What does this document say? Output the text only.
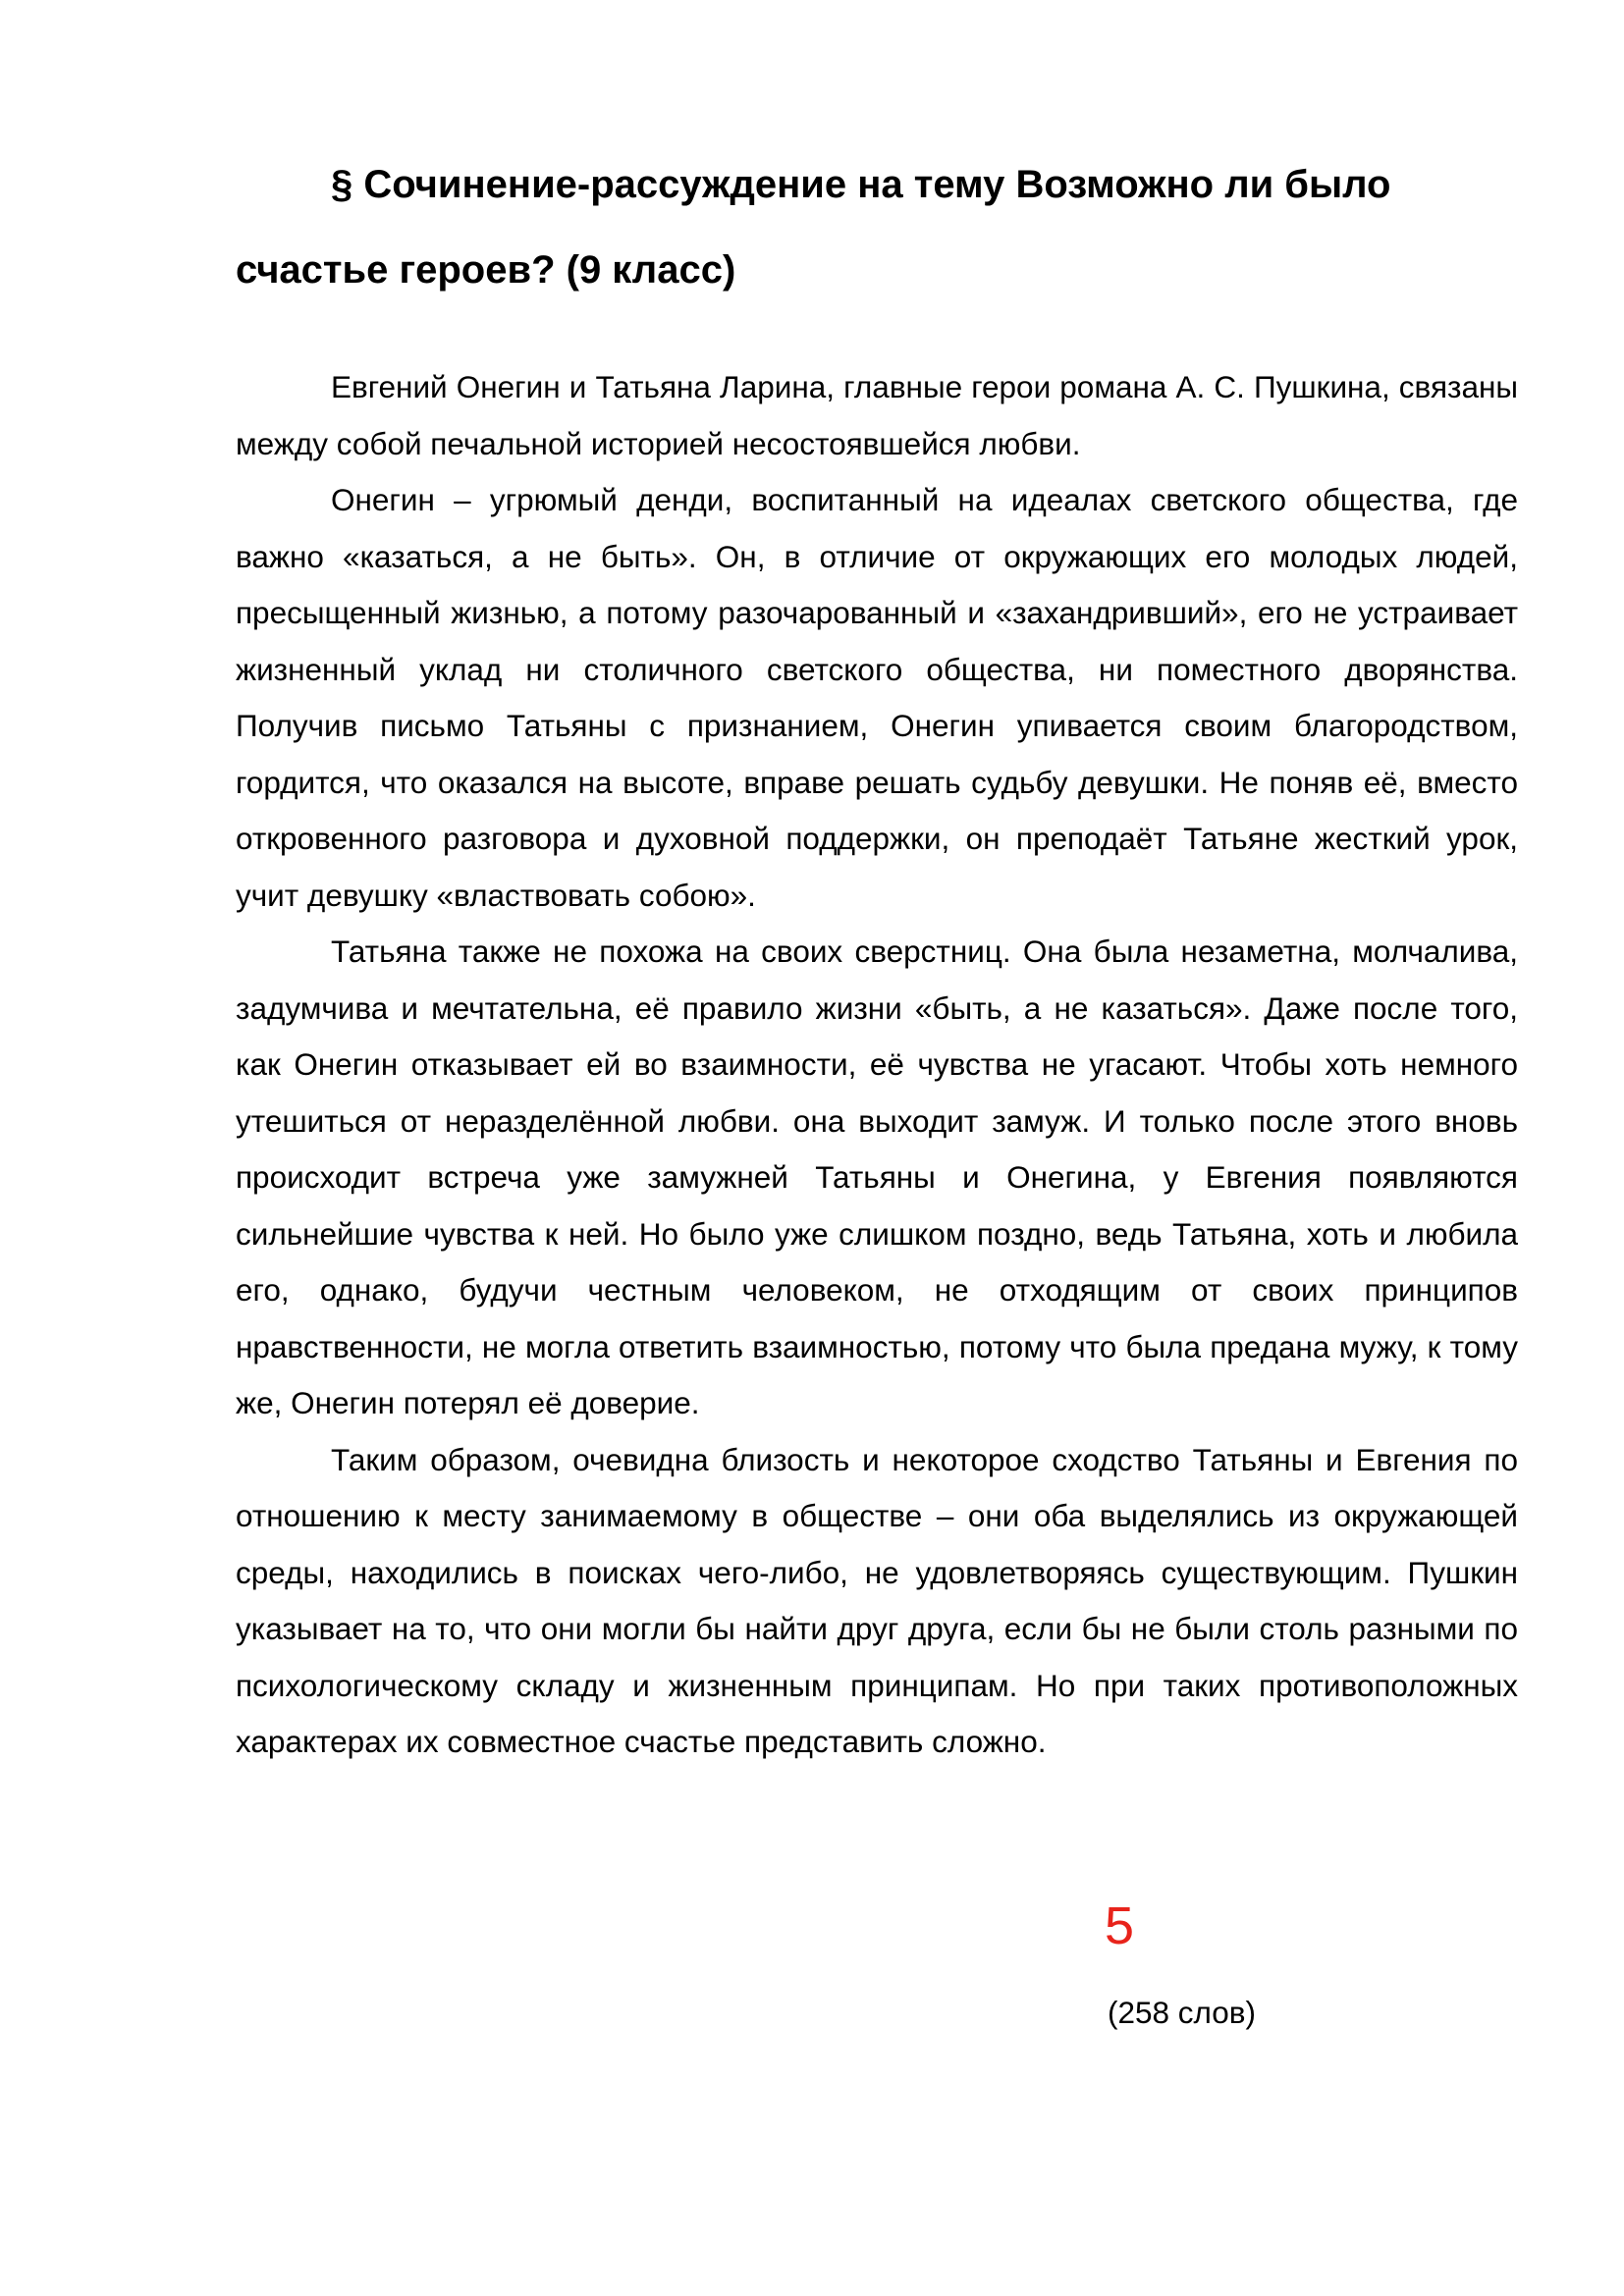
§ Сочинение-рассуждение на тему Возможно ли было счастье героев? (9 класс)

Евгений Онегин и Татьяна Ларина, главные герои романа А. С. Пушкина, связаны между собой печальной историей несостоявшейся любви.

Онегин – угрюмый денди, воспитанный на идеалах светского общества, где важно «казаться, а не быть». Он, в отличие от окружающих его молодых людей, пресыщенный жизнью, а потому разочарованный и «захандривший», его не устраивает жизненный уклад ни столичного светского общества, ни поместного дворянства. Получив письмо Татьяны с признанием, Онегин упивается своим благородством, гордится, что оказался на высоте, вправе решать судьбу девушки. Не поняв её, вместо откровенного разговора и духовной поддержки, он преподаёт Татьяне жесткий урок, учит девушку «властвовать собою».

Татьяна также не похожа на своих сверстниц. Она была незаметна, молчалива, задумчива и мечтательна, её правило жизни «быть, а не казаться». Даже после того, как Онегин отказывает ей во взаимности, её чувства не угасают. Чтобы хоть немного утешиться от неразделённой любви. она выходит замуж. И только после этого вновь происходит встреча уже замужней Татьяны и Онегина, у Евгения появляются сильнейшие чувства к ней. Но было уже слишком поздно, ведь Татьяна, хоть и любила его, однако, будучи честным человеком, не отходящим от своих принципов нравственности, не могла ответить взаимностью, потому что была предана мужу, к тому же, Онегин потерял её доверие.

Таким образом, очевидна близость и некоторое сходство Татьяны и Евгения по отношению к месту занимаемому в обществе – они оба выделялись из окружающей среды, находились в поисках чего-либо, не удовлетворяясь существующим. Пушкин указывает на то, что они могли бы найти друг друга, если бы не были столь разными по психологическому складу и жизненным принципам. Но при таких противоположных характерах их совместное счастье представить сложно.

5
(258 слов)
